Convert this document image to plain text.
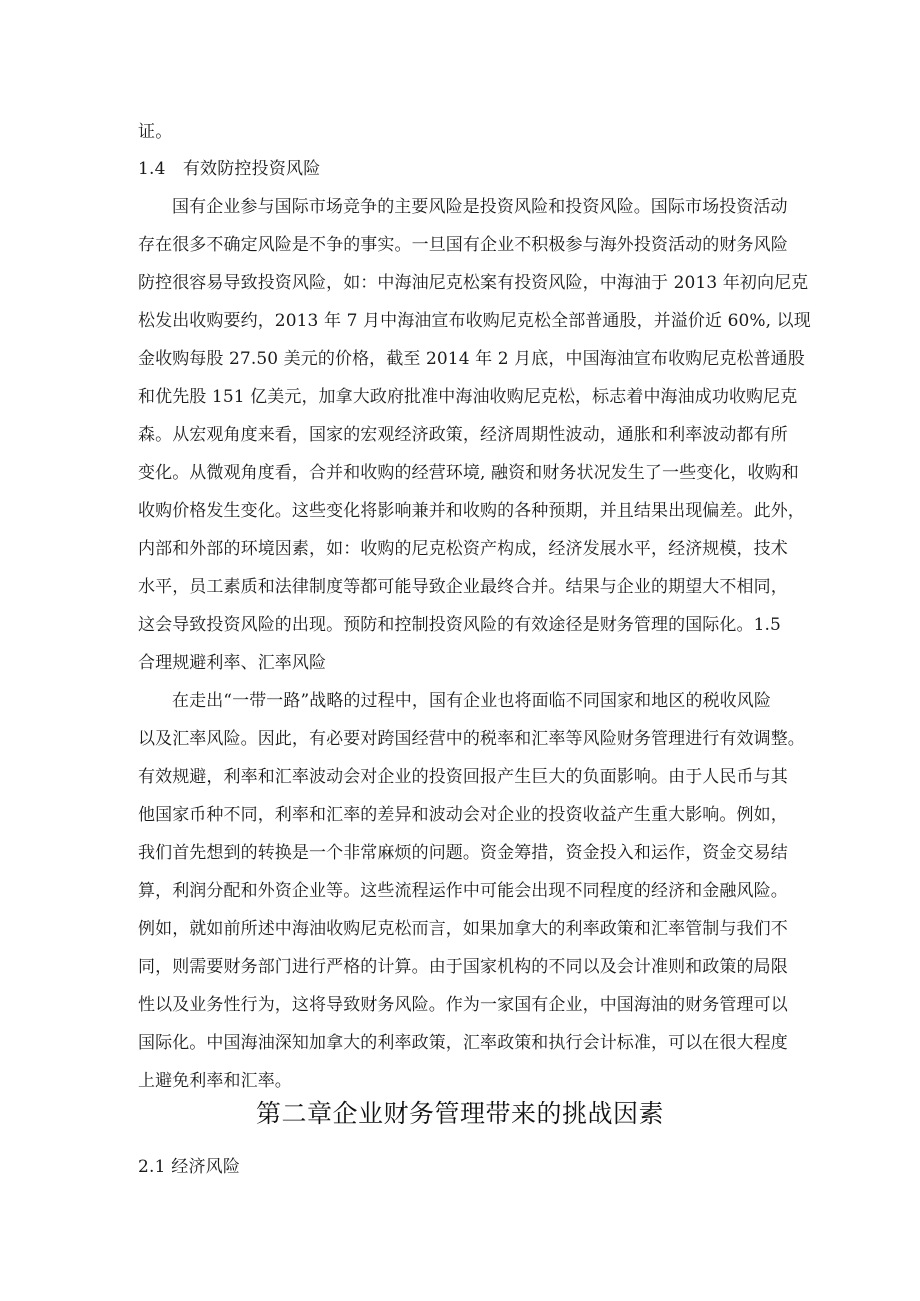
证。
1.4　有效防控投资风险
国有企业参与国际市场竞争的主要风险是投资风险和投资风险。国际市场投资活动
存在很多不确定风险是不争的事实。一旦国有企业不积极参与海外投资活动的财务风险
防控很容易导致投资风险，如：中海油尼克松案有投资风险，中海油于 2013 年初向尼克
松发出收购要约，2013 年 7 月中海油宣布收购尼克松全部普通股，并溢价近 60%, 以现
金收购每股 27.50 美元的价格，截至 2014 年 2 月底，中国海油宣布收购尼克松普通股
和优先股 151 亿美元，加拿大政府批准中海油收购尼克松，标志着中海油成功收购尼克
森。从宏观角度来看，国家的宏观经济政策，经济周期性波动，通胀和利率波动都有所
变化。从微观角度看，合并和收购的经营环境, 融资和财务状况发生了一些变化，收购和
收购价格发生变化。这些变化将影响兼并和收购的各种预期，并且结果出现偏差。此外，
内部和外部的环境因素，如：收购的尼克松资产构成，经济发展水平，经济规模，技术
水平，员工素质和法律制度等都可能导致企业最终合并。结果与企业的期望大不相同，
这会导致投资风险的出现。预防和控制投资风险的有效途径是财务管理的国际化。1.5
合理规避利率、汇率风险
在走出“一带一路”战略的过程中，国有企业也将面临不同国家和地区的税收风险
以及汇率风险。因此，有必要对跨国经营中的税率和汇率等风险财务管理进行有效调整。
有效规避，利率和汇率波动会对企业的投资回报产生巨大的负面影响。由于人民币与其
他国家币种不同，利率和汇率的差异和波动会对企业的投资收益产生重大影响。例如，
我们首先想到的转换是一个非常麻烦的问题。资金筹措，资金投入和运作，资金交易结
算，利润分配和外资企业等。这些流程运作中可能会出现不同程度的经济和金融风险。
例如，就如前所述中海油收购尼克松而言，如果加拿大的利率政策和汇率管制与我们不
同，则需要财务部门进行严格的计算。由于国家机构的不同以及会计准则和政策的局限
性以及业务性行为，这将导致财务风险。作为一家国有企业，中国海油的财务管理可以
国际化。中国海油深知加拿大的利率政策，汇率政策和执行会计标准，可以在很大程度
上避免利率和汇率。
第二章企业财务管理带来的挑战因素
2.1 经济风险
